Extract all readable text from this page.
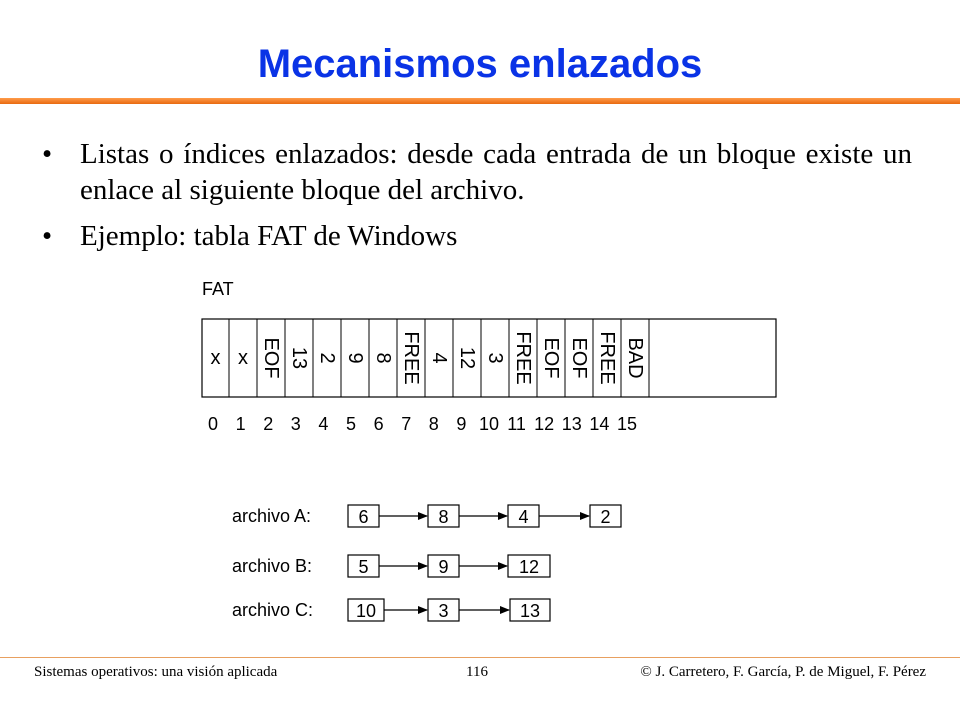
Mecanismos enlazados
• Listas o índices enlazados: desde cada entrada de un bloque existe un enlace al siguiente bloque del archivo.
• Ejemplo: tabla FAT de Windows
FAT
x x EOF 13 2 9 8 FREE 4 12 3 FREE EOF EOF FREE BAD
0 1 2 3 4 5 6 7 8 9 10 11 12 13 14 15
archivo A:	6	8	4	2
archivo B:	5	9	12
archivo C: 10	3	13
Sistemas operativos: una visión aplicada	116	© J. Carretero, F. García, P. de Miguel, F. Pérez
